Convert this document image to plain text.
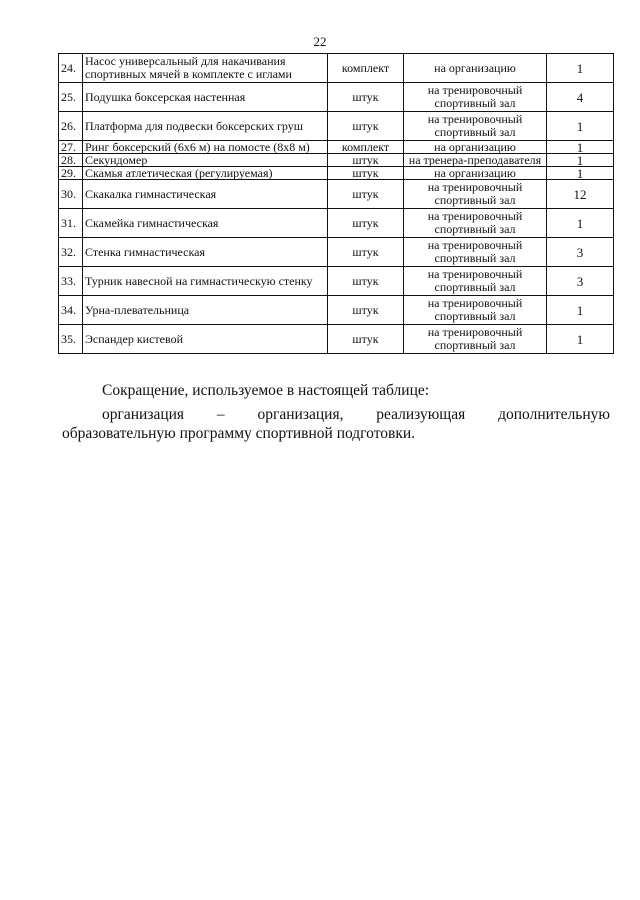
22
24.	Насос универсальный для накачивания спортивных мячей в комплекте с иглами	комплект	на организацию	1
25.	Подушка боксерская настенная	штук	на тренировочный спортивный зал	4
26.	Платформа для подвески боксерских груш	штук	на тренировочный спортивный зал	1
27.	Ринг боксерский (6x6 м) на помосте (8x8 м)	комплект	на организацию	1
28.	Секундомер	штук	на тренера-преподавателя	1
29.	Скамья атлетическая (регулируемая)	штук	на организацию	1
30.	Скакалка гимнастическая	штук	на тренировочный спортивный зал	12
31.	Скамейка гимнастическая	штук	на тренировочный спортивный зал	1
32.	Стенка гимнастическая	штук	на тренировочный спортивный зал	3
33.	Турник навесной на гимнастическую стенку	штук	на тренировочный спортивный зал	3
34.	Урна-плевательница	штук	на тренировочный спортивный зал	1
35.	Эспандер кистевой	штук	на тренировочный спортивный зал	1
Сокращение, используемое в настоящей таблице:
организация – организация, реализующая дополнительную образовательную программу спортивной подготовки.
